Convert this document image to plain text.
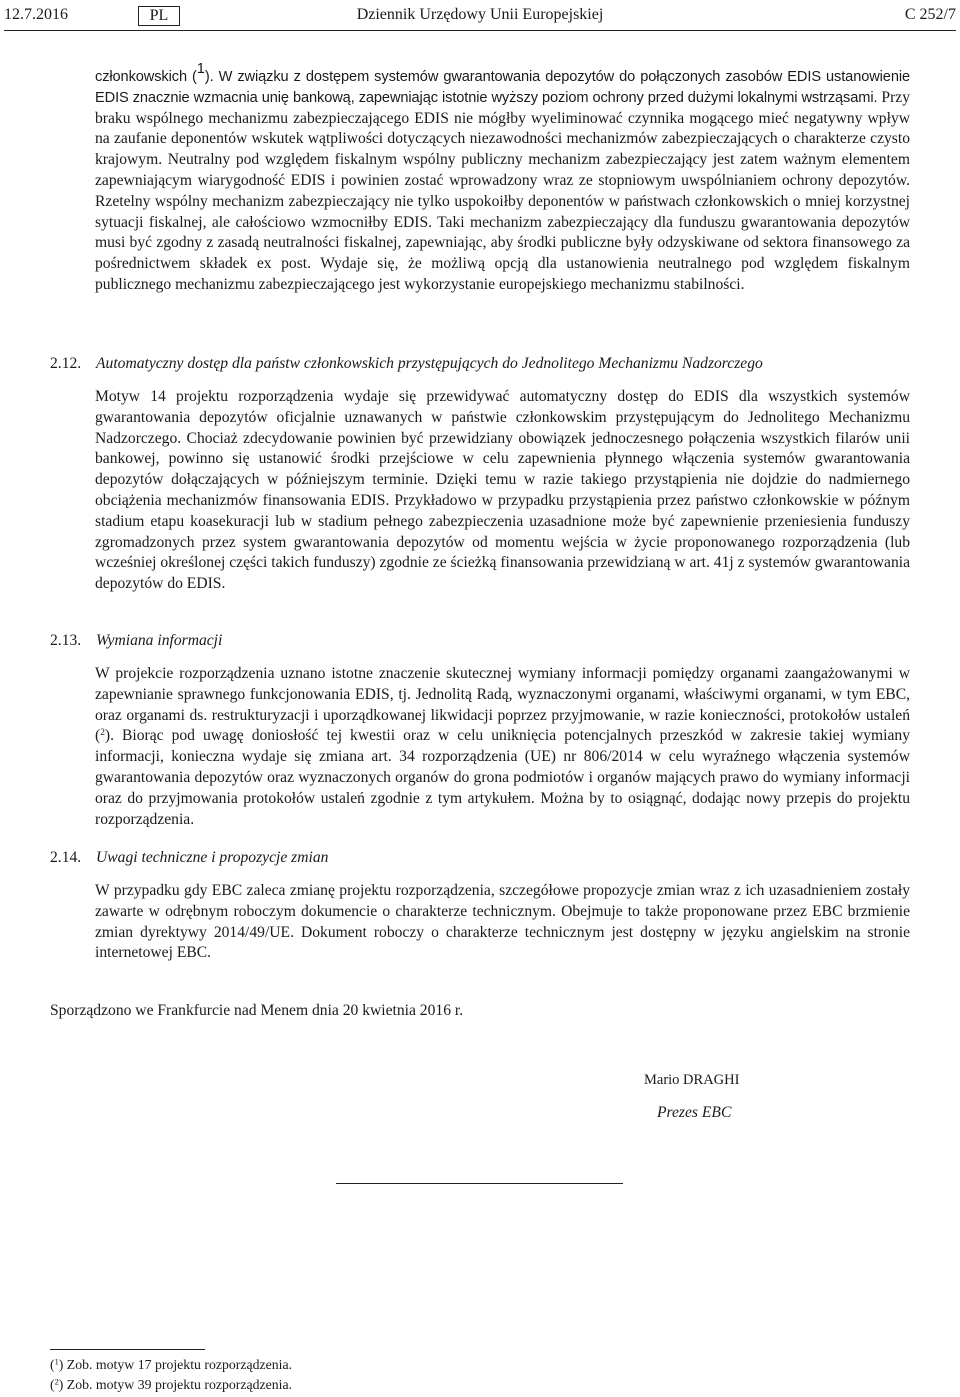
12.7.2016	PL	Dziennik Urzędowy Unii Europejskiej	C 252/7

członkowskich ($^1$). W związku z dostępem systemów gwarantowania depozytów do połączonych zasobów EDIS ustanowienie EDIS znacznie wzmacnia unię bankową, zapewniając istotnie wyższy poziom ochrony przed dużymi lokalnymi wstrząsami. Przy braku wspólnego mechanizmu zabezpieczającego EDIS nie mógłby wyeliminować czynnika mogącego mieć negatywny wpływ na zaufanie deponentów wskutek wątpliwości dotyczących niezawodności mechanizmów zabezpieczających o charakterze czysto krajowym. Neutralny pod względem fiskalnym wspólny publiczny mechanizm zabezpieczający jest zatem ważnym elementem zapewniającym wiarygodność EDIS i powinien zostać wprowadzony wraz ze stopniowym uwspólnianiem ochrony depozytów. Rzetelny wspólny mechanizm zabezpieczający nie tylko uspokoiłby deponentów w państwach członkowskich o mniej korzystnej sytuacji fiskalnej, ale całościowo wzmocniłby EDIS. Taki mechanizm zabezpieczający dla funduszu gwarantowania depozytów musi być zgodny z zasadą neutralności fiskalnej, zapewniając, aby środki publiczne były odzyskiwane od sektora finansowego za pośrednictwem składek ex post. Wydaje się, że możliwą opcją dla ustanowienia neutralnego pod względem fiskalnym publicznego mechanizmu zabezpieczającego jest wykorzystanie europejskiego mechanizmu stabilności.

2.12. Automatyczny dostęp dla państw członkowskich przystępujących do Jednolitego Mechanizmu Nadzorczego

Motyw 14 projektu rozporządzenia wydaje się przewidywać automatyczny dostęp do EDIS dla wszystkich systemów gwarantowania depozytów oficjalnie uznawanych w państwie członkowskim przystępującym do Jednolitego Mechanizmu Nadzorczego. Chociaż zdecydowanie powinien być przewidziany obowiązek jednoczesnego połączenia wszystkich filarów unii bankowej, powinno się ustanowić środki przejściowe w celu zapewnienia płynnego włączenia systemów gwarantowania depozytów dołączających w późniejszym terminie. Dzięki temu w razie takiego przystąpienia nie dojdzie do nadmiernego obciążenia mechanizmów finansowania EDIS. Przykładowo w przypadku przystąpienia przez państwo członkowskie w późnym stadium etapu koasekuracji lub w stadium pełnego zabezpieczenia uzasadnione może być zapewnienie przeniesienia funduszy zgromadzonych przez system gwarantowania depozytów od momentu wejścia w życie proponowanego rozporządzenia (lub wcześniej określonej części takich funduszy) zgodnie ze ścieżką finansowania przewidzianą w art. 41j z systemów gwarantowania depozytów do EDIS.

2.13. Wymiana informacji

W projekcie rozporządzenia uznano istotne znaczenie skutecznej wymiany informacji pomiędzy organami zaangażowanymi w zapewnianie sprawnego funkcjonowania EDIS, tj. Jednolitą Radą, wyznaczonymi organami, właściwymi organami, w tym EBC, oraz organami ds. restrukturyzacji i uporządkowanej likwidacji poprzez przyjmowanie, w razie konieczności, protokołów ustaleń ($^2$). Biorąc pod uwagę doniosłość tej kwestii oraz w celu uniknięcia potencjalnych przeszkód w zakresie takiej wymiany informacji, konieczna wydaje się zmiana art. 34 rozporządzenia (UE) nr 806/2014 w celu wyraźnego włączenia systemów gwarantowania depozytów oraz wyznaczonych organów do grona podmiotów i organów mających prawo do wymiany informacji oraz do przyjmowania protokołów ustaleń zgodnie z tym artykułem. Można by to osiągnąć, dodając nowy przepis do projektu rozporządzenia.

2.14. Uwagi techniczne i propozycje zmian

W przypadku gdy EBC zaleca zmianę projektu rozporządzenia, szczegółowe propozycje zmian wraz z ich uzasadnieniem zostały zawarte w odrębnym roboczym dokumencie o charakterze technicznym. Obejmuje to także proponowane przez EBC brzmienie zmian dyrektywy 2014/49/UE. Dokument roboczy o charakterze technicznym jest dostępny w języku angielskim na stronie internetowej EBC.

Sporządzono we Frankfurcie nad Menem dnia 20 kwietnia 2016 r.
Mario DRAGHI
Prezes EBC
($^1$) Zob. motyw 17 projektu rozporządzenia.
($^2$) Zob. motyw 39 projektu rozporządzenia.
